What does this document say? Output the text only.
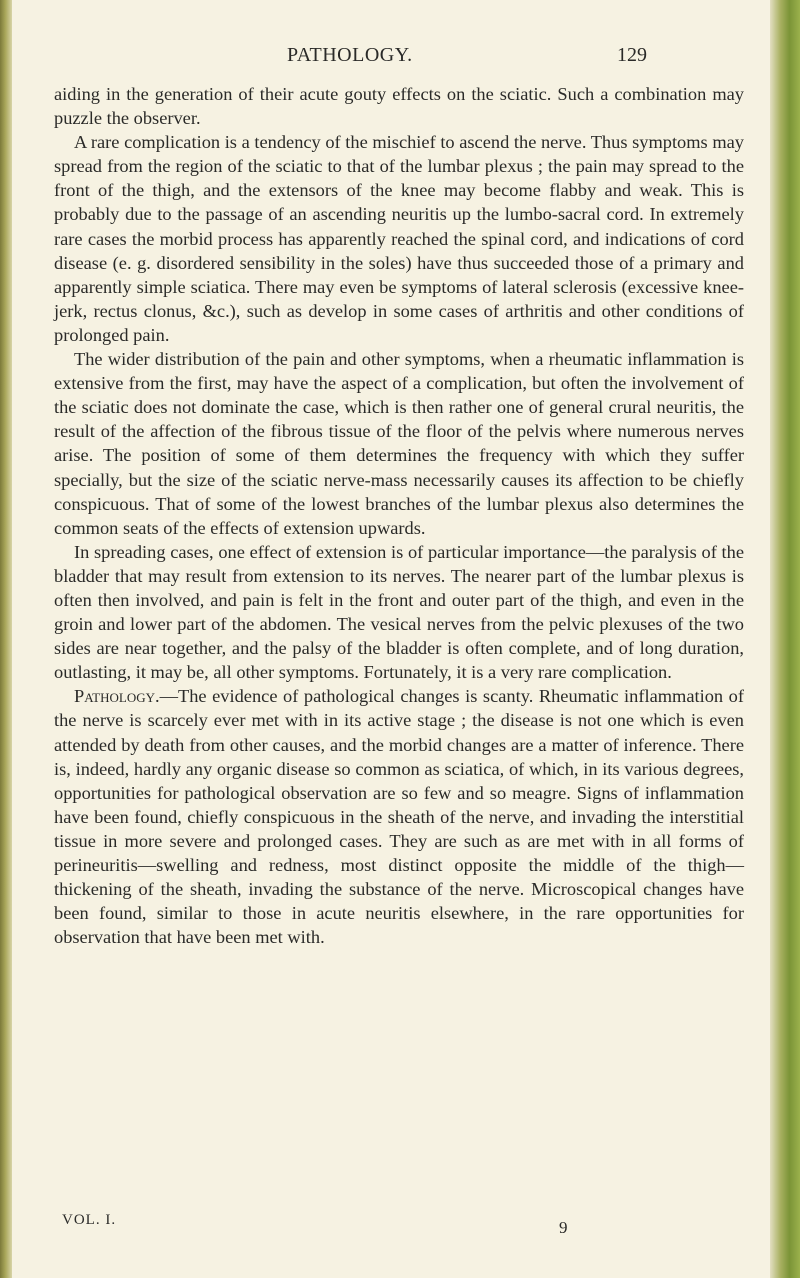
PATHOLOGY.	129

aiding in the generation of their acute gouty effects on the sciatic. Such a combination may puzzle the observer.

A rare complication is a tendency of the mischief to ascend the nerve. Thus symptoms may spread from the region of the sciatic to that of the lumbar plexus ; the pain may spread to the front of the thigh, and the extensors of the knee may become flabby and weak. This is probably due to the passage of an ascending neuritis up the lumbo-sacral cord. In extremely rare cases the morbid process has apparently reached the spinal cord, and indications of cord disease (e. g. disordered sensibility in the soles) have thus succeeded those of a primary and apparently simple sciatica. There may even be symptoms of lateral sclerosis (excessive knee-jerk, rectus clonus, &c.), such as develop in some cases of arthritis and other conditions of prolonged pain.

The wider distribution of the pain and other symptoms, when a rheumatic inflammation is extensive from the first, may have the aspect of a complication, but often the involvement of the sciatic does not dominate the case, which is then rather one of general crural neuritis, the result of the affection of the fibrous tissue of the floor of the pelvis where numerous nerves arise. The position of some of them determines the frequency with which they suffer specially, but the size of the sciatic nerve-mass necessarily causes its affection to be chiefly conspicuous. That of some of the lowest branches of the lumbar plexus also determines the common seats of the effects of extension upwards.

In spreading cases, one effect of extension is of particular importance—the paralysis of the bladder that may result from extension to its nerves. The nearer part of the lumbar plexus is often then involved, and pain is felt in the front and outer part of the thigh, and even in the groin and lower part of the abdomen. The vesical nerves from the pelvic plexuses of the two sides are near together, and the palsy of the bladder is often complete, and of long duration, outlasting, it may be, all other symptoms. Fortunately, it is a very rare complication.

Pathology.—The evidence of pathological changes is scanty. Rheumatic inflammation of the nerve is scarcely ever met with in its active stage ; the disease is not one which is even attended by death from other causes, and the morbid changes are a matter of inference. There is, indeed, hardly any organic disease so common as sciatica, of which, in its various degrees, opportunities for pathological observation are so few and so meagre. Signs of inflammation have been found, chiefly conspicuous in the sheath of the nerve, and invading the interstitial tissue in more severe and prolonged cases. They are such as are met with in all forms of perineuritis—swelling and redness, most distinct opposite the middle of the thigh—thickening of the sheath, invading the substance of the nerve. Microscopical changes have been found, similar to those in acute neuritis elsewhere, in the rare opportunities for observation that have been met with.

VOL. I.	9
